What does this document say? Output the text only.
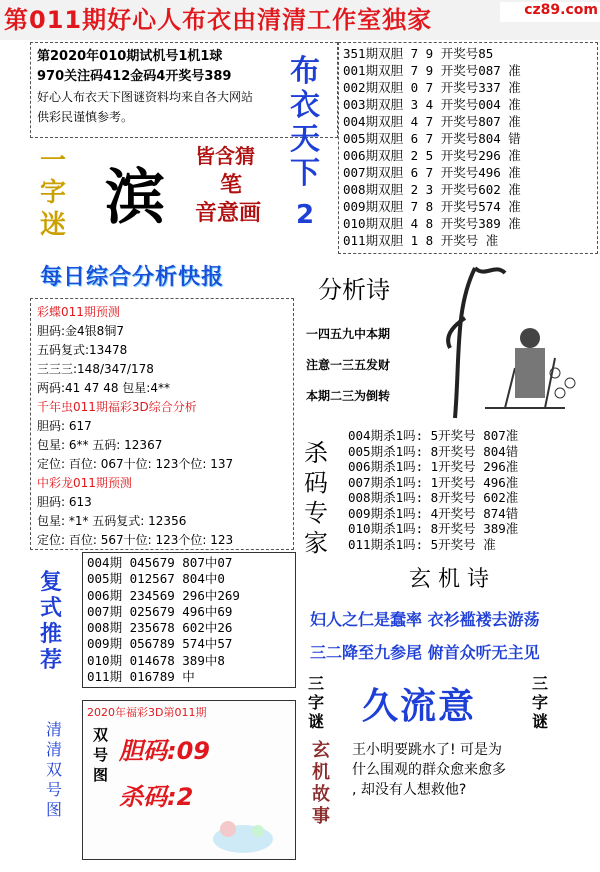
第011期好心人布衣由清清工作室独家	cz89.com
第2020年010期试机号1机1球
970关注码412金码4开奖号389
好心人布衣天下图谜资料均来自各大网站
供彩民谨慎参考。
一字迷 滨
皆含猜
笔
音意画
布衣天下
2
351期双胆 7 9 开奖号85
001期双胆 7 9 开奖号087 准
002期双胆 0 7 开奖号337 准
003期双胆 3 4 开奖号004 准
004期双胆 4 7 开奖号807 准
005期双胆 6 7 开奖号804 错
006期双胆 2 5 开奖号296 准
007期双胆 6 7 开奖号496 准
008期双胆 2 3 开奖号602 准
009期双胆 7 8 开奖号574 准
010期双胆 4 8 开奖号389 准
011期双胆 1 8 开奖号 准
每日综合分析快报
彩蝶011期预测
胆码:金4银8铜7
五码复式:13478
三三三:148/347/178
两码:41 47 48 包星:4**
千年虫011期福彩3D综合分析
胆码: 617
包星: 6** 五码: 12367
定位: 百位: 067十位: 123个位: 137
中彩龙011期预测
胆码: 613
包星: *1* 五码复式: 12356
定位: 百位: 567十位: 123个位: 123
分析诗
一四五九中本期
注意一三五发财
本期二三为倒转
杀
码
专
家
004期杀1吗: 5开奖号 807准
005期杀1吗: 8开奖号 804错
006期杀1吗: 1开奖号 296准
007期杀1吗: 1开奖号 496准
008期杀1吗: 8开奖号 602准
009期杀1吗: 4开奖号 874错
010期杀1吗: 8开奖号 389准
011期杀1吗: 5开奖号 准
复
式
推
荐
004期 045679 807中07
005期 012567 804中0
006期 234569 296中269
007期 025679 496中69
008期 235678 602中26
009期 056789 574中57
010期 014678 389中8
011期 016789 中
玄 机 诗
妇人之仁是蠢率 衣衫褴褛去游荡
三二降至九参尾 俯首众听无主见
清
清
双
号
图
2020年福彩3D第011期
双
号
图
胆码:09
杀码:2
三
字
谜 久流意
三
字
谜
玄
机
故
事
王小明要跳水了! 可是为
什么围观的群众愈来愈多
, 却没有人想救他?
